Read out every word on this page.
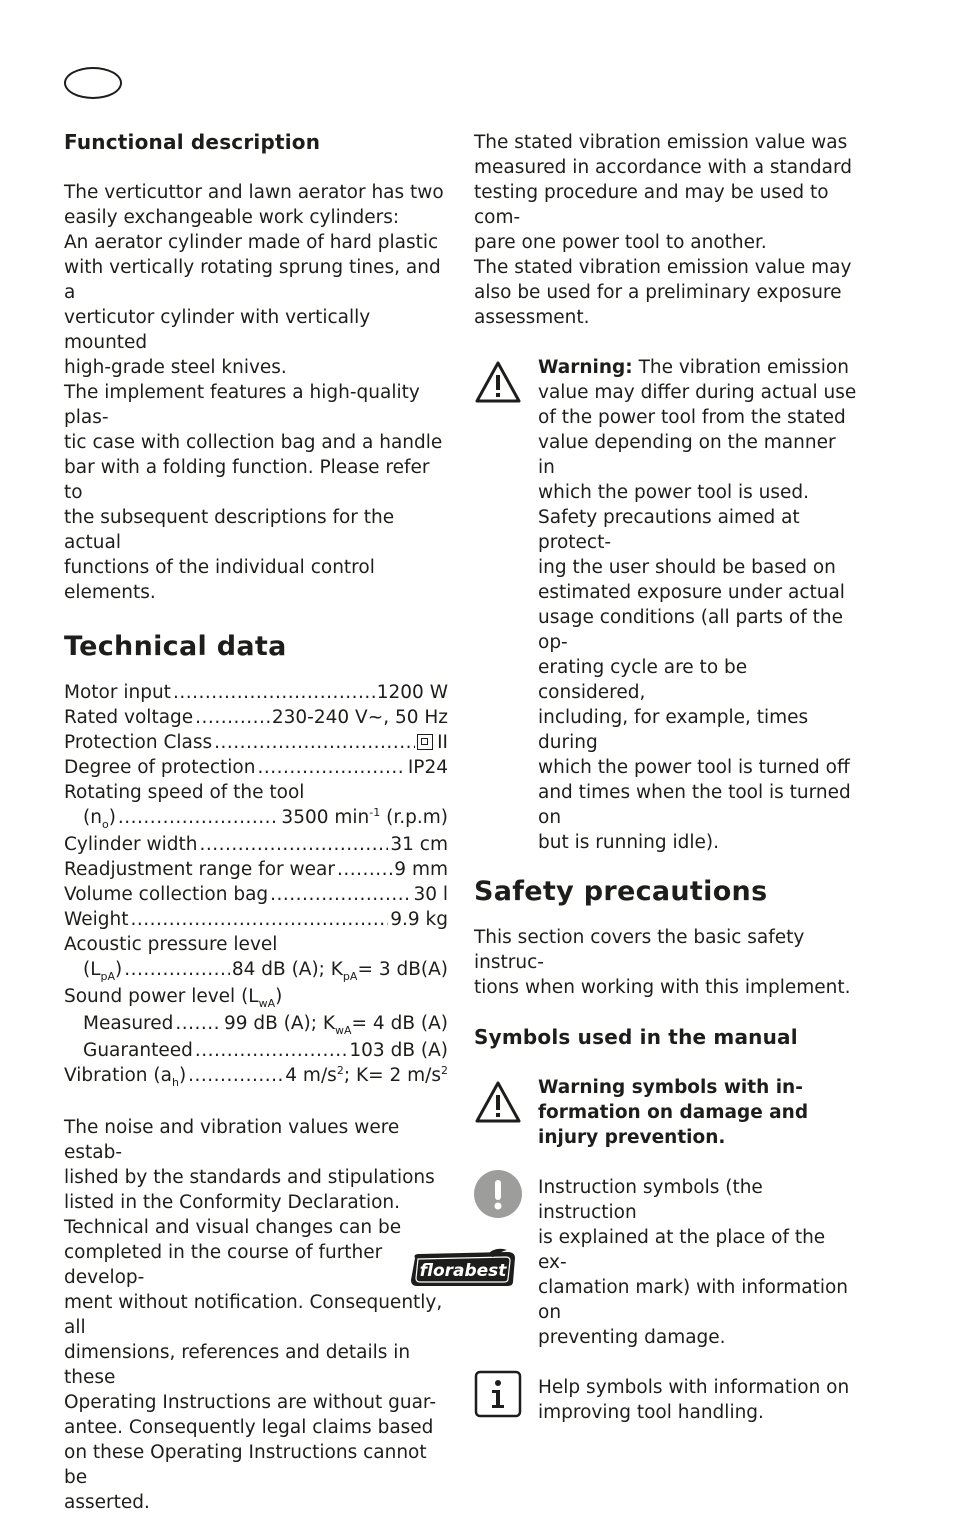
Functional description
The verticuttor and lawn aerator has two
easily exchangeable work cylinders:
An aerator cylinder made of hard plastic
with vertically rotating sprung tines, and a
verticutor cylinder with vertically mounted
high-grade steel knives.
The implement features a high-quality plas-
tic case with collection bag and a handle
bar with a folding function. Please refer to
the subsequent descriptions for the actual
functions of the individual control elements.
Technical data
Motor input .....	1200 W
Rated voltage .....	230-240 V~, 50 Hz
Protection Class .....	II
Degree of protection .....	IP24
Rotating speed of the tool
$(n_o)$ .....	3500 $\min^{-1} (r.p.m)$
Cylinder width .....	31 cm
Readjustment range for wear .....	9 mm
Volume collection bag .....	30 l
Weight .....	9.9 kg
Acoustic pressure level
$(L_{pA})$ .....	84 dB (A); $K_{pA}= 3$ dB(A)
Sound power level $(L_{wA})$
Measured .....	99 dB (A); $K_{wA}= 4$ dB (A)
Guaranteed .....	103 dB (A)
Vibration $(a_h)$ .....	4 $m/s^2$; K= 2 $m/s^2$
The noise and vibration values were estab-
lished by the standards and stipulations
listed in the Conformity Declaration.
Technical and visual changes can be
completed in the course of further develop-
ment without notification. Consequently, all
dimensions, references and details in these
Operating Instructions are without guar-
antee. Consequently legal claims based
on these Operating Instructions cannot be
asserted.
The stated vibration emission value was
measured in accordance with a standard
testing procedure and may be used to com-
pare one power tool to another.
The stated vibration emission value may
also be used for a preliminary exposure
assessment.
Warning: The vibration emission
value may differ during actual use
of the power tool from the stated
value depending on the manner in
which the power tool is used.
Safety precautions aimed at protect-
ing the user should be based on
estimated exposure under actual
usage conditions (all parts of the op-
erating cycle are to be considered,
including, for example, times during
which the power tool is turned off
and times when the tool is turned on
but is running idle).
Safety precautions
This section covers the basic safety instruc-
tions when working with this implement.
Symbols used in the manual
Warning symbols with in-
formation on damage and
injury prevention.
Instruction symbols (the instruction
is explained at the place of the ex-
clamation mark) with information on
preventing damage.
Help symbols with information on
improving tool handling.
florabest
